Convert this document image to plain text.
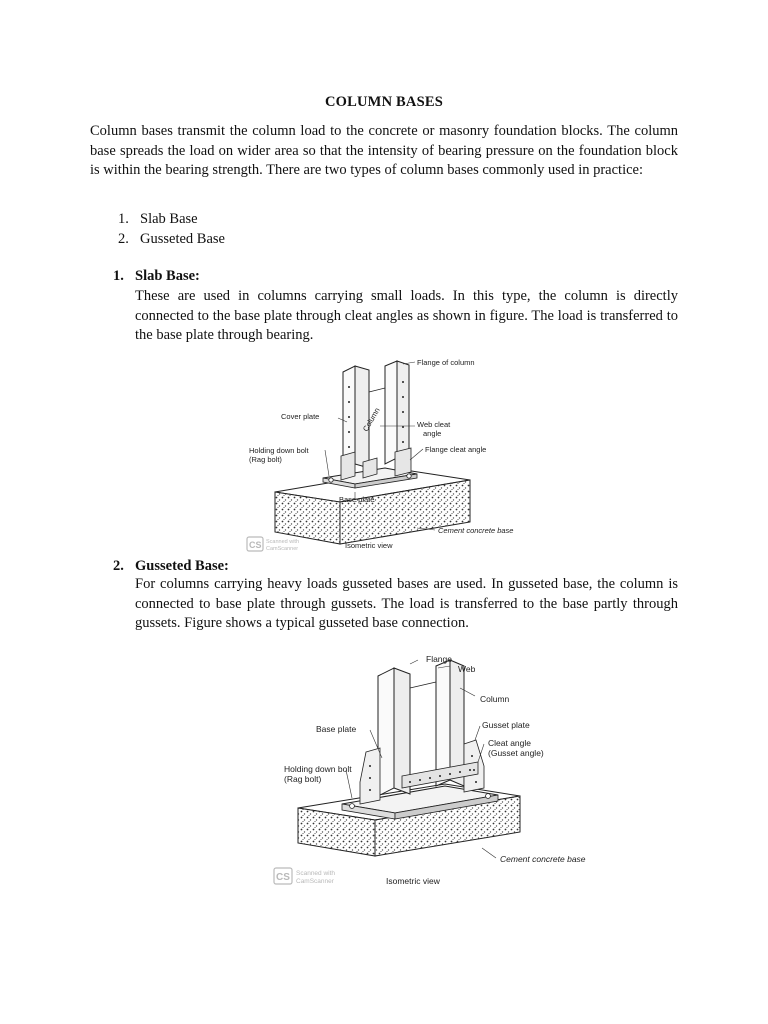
COLUMN BASES

Column bases transmit the column load to the concrete or masonry foundation blocks. The column base spreads the load on wider area so that the intensity of bearing pressure on the foundation block is within the bearing strength. There are two types of column bases commonly used in practice:

1. Slab Base
2. Gusseted Base
1. Slab Base:

These are used in columns carrying small loads. In this type, the column is directly connected to the base plate through cleat angles as shown in figure. The load is transferred to the base plate through bearing.

Flange of column
Cover plate	Column	Web cleat
angle
Holding down bolt
(Rag bolt)
Flange cleat angle
Base plate
Cement concrete base
Isometric view
CS Scanned with
CamScanner
2. Gusseted Base:

For columns carrying heavy loads gusseted bases are used. In gusseted base, the column is connected to base plate through gussets. The load is transferred to the base partly through gussets. Figure shows a typical gusseted base connection.

Flange
Web
Column
Base plate	Gusset plate
Cleat angle
(Gusset angle)
Holding down bolt
(Rag bolt)
Cement concrete base
Isometric view
CS Scanned with
CamScanner
